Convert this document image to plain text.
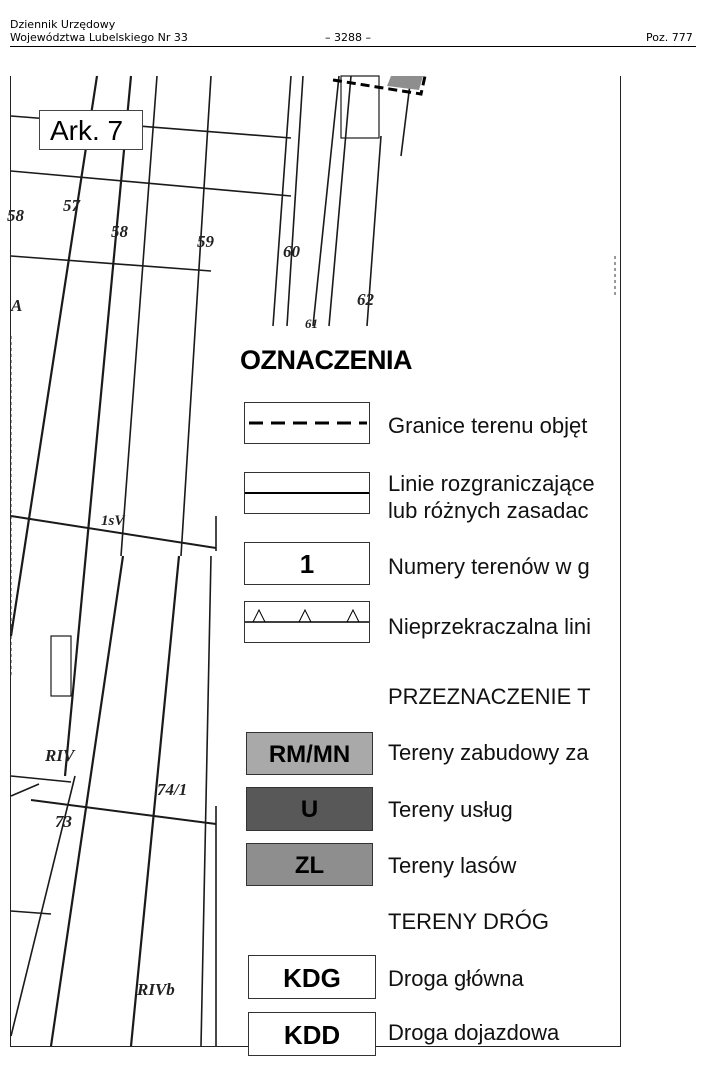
Dziennik Urzędowy
Województwa Lubelskiego Nr 33	– 3288 –	Poz. 777
Ark. 7
57
58
59
60
62
61
58
74/1
73
RIVb
RIV
1sV
A
OZNACZENIA
Granice terenu objęt
Linie rozgraniczające
lub różnych zasadac
1	Numery terenów w g
Nieprzekraczalna lini
PRZEZNACZENIE T
RM/MN	Tereny zabudowy za
U	Tereny usług
ZL	Tereny lasów
TERENY DRÓG
KDG	Droga główna
KDD	Droga dojazdowa
